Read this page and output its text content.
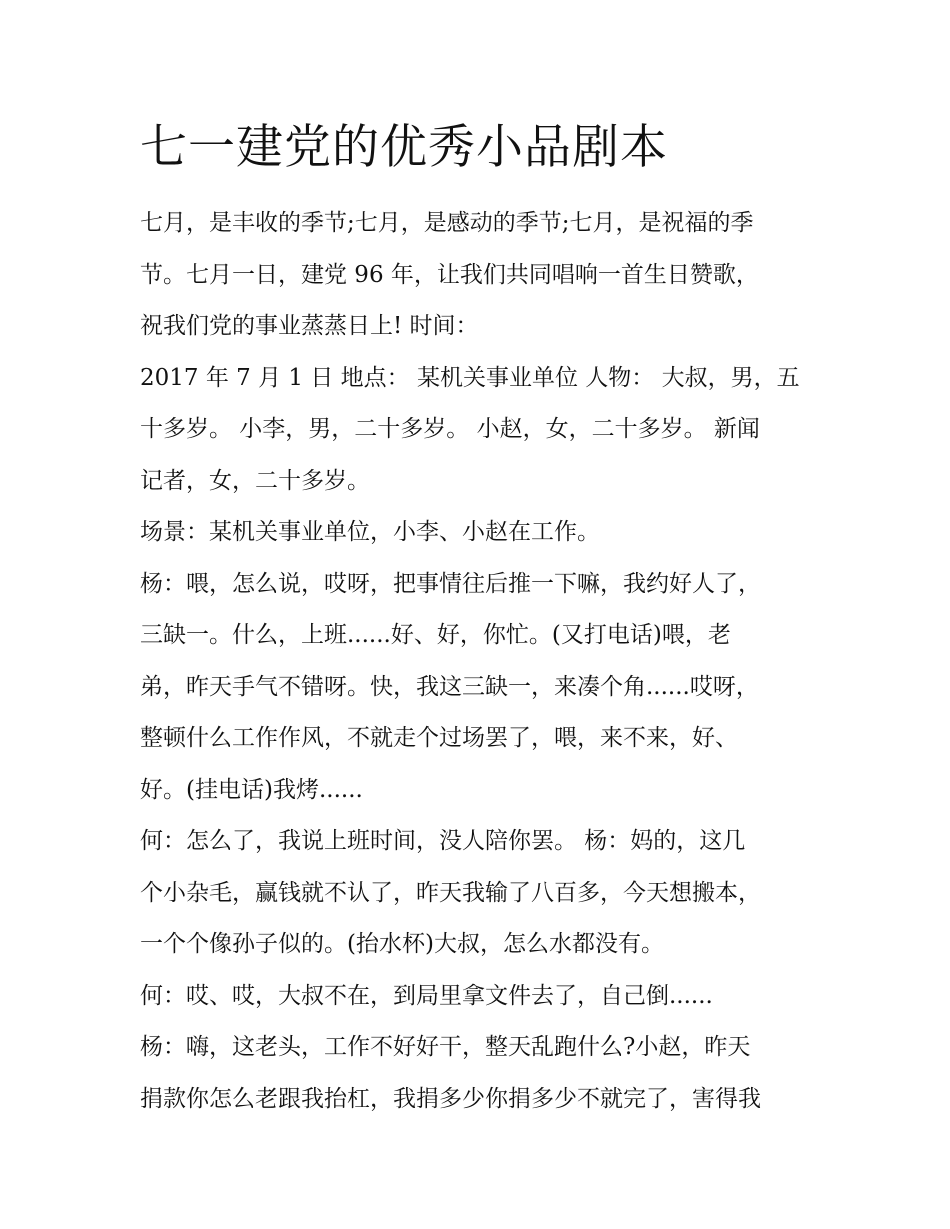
七一建党的优秀小品剧本
七月，是丰收的季节;七月，是感动的季节;七月，是祝福的季
节。七月一日，建党 96 年，让我们共同唱响一首生日赞歌，
祝我们党的事业蒸蒸日上! 时间：
2017 年 7 月 1 日 地点： 某机关事业单位 人物： 大叔，男，五
十多岁。 小李，男，二十多岁。 小赵，女，二十多岁。 新闻
记者，女，二十多岁。
场景：某机关事业单位，小李、小赵在工作。
杨：喂，怎么说，哎呀，把事情往后推一下嘛，我约好人了，
三缺一。什么，上班......好、好，你忙。(又打电话)喂，老
弟，昨天手气不错呀。快，我这三缺一，来凑个角......哎呀，
整顿什么工作作风，不就走个过场罢了，喂，来不来，好、
好。(挂电话)我烤......
何：怎么了，我说上班时间，没人陪你罢。 杨：妈的，这几
个小杂毛，赢钱就不认了，昨天我输了八百多，今天想搬本，
一个个像孙子似的。(抬水杯)大叔，怎么水都没有。
何：哎、哎，大叔不在，到局里拿文件去了，自己倒......
杨：嗨，这老头，工作不好好干，整天乱跑什么?小赵，昨天
捐款你怎么老跟我抬杠，我捐多少你捐多少不就完了，害得我
